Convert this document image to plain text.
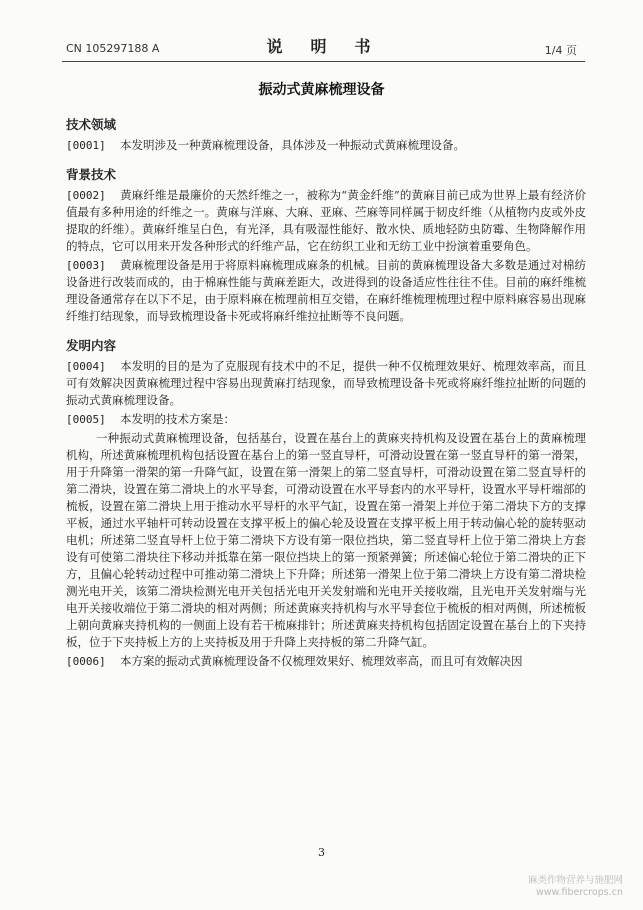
CN 105297188 A	说　明　书	1/4 页
振动式黄麻梳理设备
技术领域

[0001] 本发明涉及一种黄麻梳理设备，具体涉及一种振动式黄麻梳理设备。

背景技术

[0002] 黄麻纤维是最廉价的天然纤维之一，被称为“黄金纤维”的黄麻目前已成为世界上最有经济价值最有多种用途的纤维之一。黄麻与洋麻、大麻、亚麻、苎麻等同样属于韧皮纤维（从植物内皮或外皮提取的纤维）。黄麻纤维呈白色，有光泽，具有吸湿性能好、散水快、质地轻防虫防霉、生物降解作用的特点，它可以用来开发各种形式的纤维产品，它在纺织工业和无纺工业中扮演着重要角色。

[0003] 黄麻梳理设备是用于将原料麻梳理成麻条的机械。目前的黄麻梳理设备大多数是通过对棉纺设备进行改装而成的，由于棉麻性能与黄麻差距大，改进得到的设备适应性往往不佳。目前的麻纤维梳理设备通常存在以下不足，由于原料麻在梳理前相互交错，在麻纤维梳理梳理过程中原料麻容易出现麻纤维打结现象，而导致梳理设备卡死或将麻纤维拉扯断等不良问题。

发明内容

[0004] 本发明的目的是为了克服现有技术中的不足，提供一种不仅梳理效果好、梳理效率高，而且可有效解决因黄麻梳理过程中容易出现黄麻打结现象，而导致梳理设备卡死或将麻纤维拉扯断的问题的振动式黄麻梳理设备。

[0005] 本发明的技术方案是：

一种振动式黄麻梳理设备，包括基台，设置在基台上的黄麻夹持机构及设置在基台上的黄麻梳理机构，所述黄麻梳理机构包括设置在基台上的第一竖直导杆，可滑动设置在第一竖直导杆的第一滑架，用于升降第一滑架的第一升降气缸，设置在第一滑架上的第二竖直导杆，可滑动设置在第二竖直导杆的第二滑块，设置在第二滑块上的水平导套，可滑动设置在水平导套内的水平导杆，设置水平导杆端部的梳板，设置在第二滑块上用于推动水平导杆的水平气缸，设置在第一滑架上并位于第二滑块下方的支撑平板，通过水平轴杆可转动设置在支撑平板上的偏心轮及设置在支撑平板上用于转动偏心轮的旋转驱动电机；所述第二竖直导杆上位于第二滑块下方设有第一限位挡块，第二竖直导杆上位于第二滑块上方套设有可使第二滑块往下移动并抵靠在第一限位挡块上的第一预紧弹簧；所述偏心轮位于第二滑块的正下方，且偏心轮转动过程中可推动第二滑块上下升降；所述第一滑架上位于第二滑块上方设有第二滑块检测光电开关，该第二滑块检测光电开关包括光电开关发射端和光电开关接收端，且光电开关发射端与光电开关接收端位于第二滑块的相对两侧；所述黄麻夹持机构与水平导套位于梳板的相对两侧，所述梳板上朝向黄麻夹持机构的一侧面上设有若干梳麻排针；所述黄麻夹持机构包括固定设置在基台上的下夹持板，位于下夹持板上方的上夹持板及用于升降上夹持板的第二升降气缸。

[0006] 本方案的振动式黄麻梳理设备不仅梳理效果好、梳理效率高，而且可有效解决因

3
麻类作物营养与施肥网
www.fibercrops.cn
